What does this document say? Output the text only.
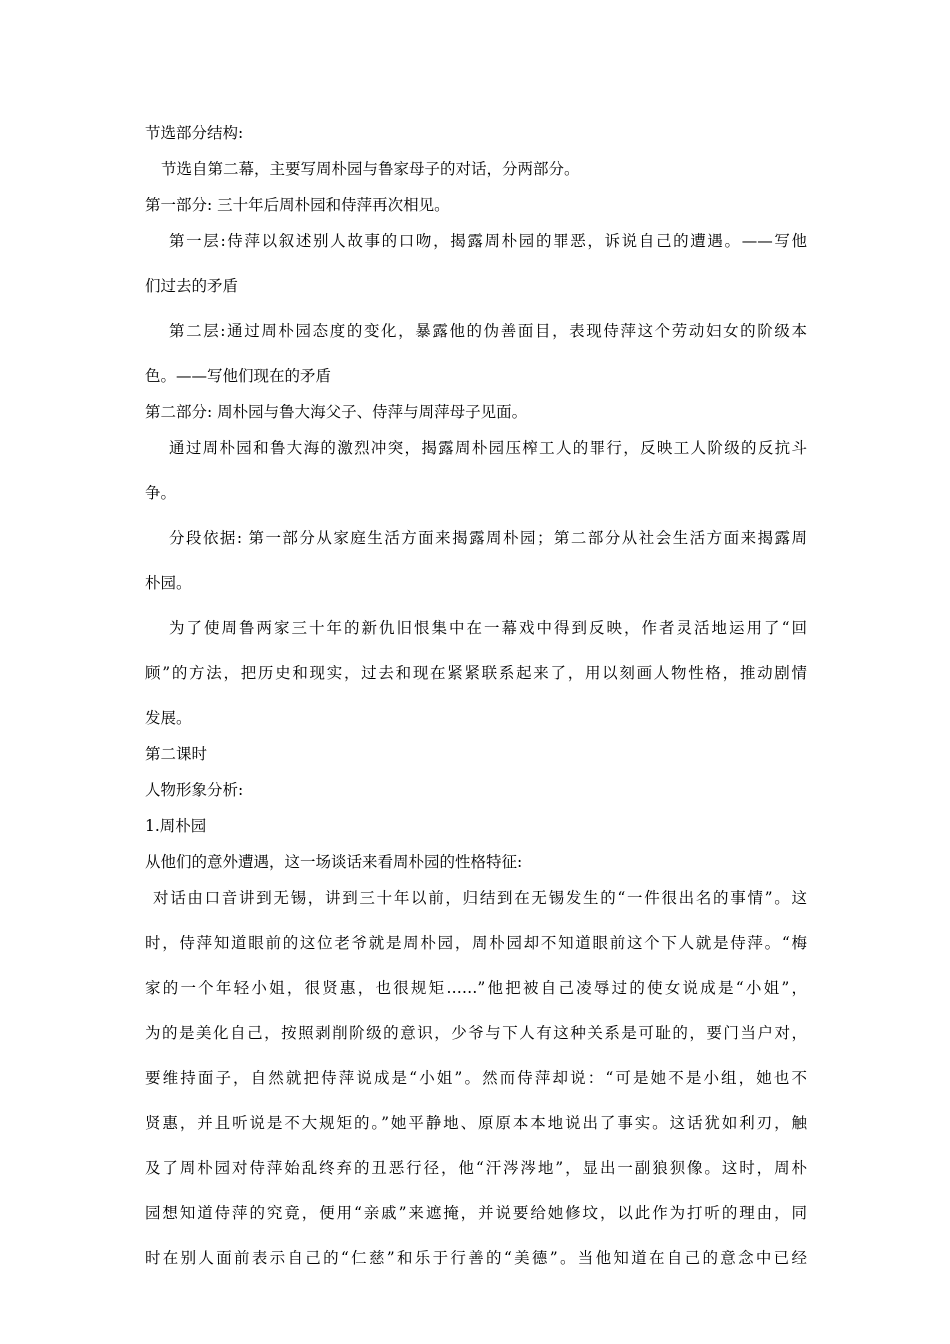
节选部分结构:

节选自第二幕，主要写周朴园与鲁家母子的对话，分两部分。

第一部分: 三十年后周朴园和侍萍再次相见。

第一层:侍萍以叙述别人故事的口吻，揭露周朴园的罪恶，诉说自己的遭遇。——写他

们过去的矛盾

第二层:通过周朴园态度的变化，暴露他的伪善面目，表现侍萍这个劳动妇女的阶级本

色。——写他们现在的矛盾

第二部分: 周朴园与鲁大海父子、侍萍与周萍母子见面。

通过周朴园和鲁大海的激烈冲突，揭露周朴园压榨工人的罪行，反映工人阶级的反抗斗

争。

分段依据: 第一部分从家庭生活方面来揭露周朴园；第二部分从社会生活方面来揭露周

朴园。

为了使周鲁两家三十年的新仇旧恨集中在一幕戏中得到反映，作者灵活地运用了“回

顾”的方法，把历史和现实，过去和现在紧紧联系起来了，用以刻画人物性格，推动剧情

发展。

第二课时

人物形象分析:

1.周朴园

从他们的意外遭遇，这一场谈话来看周朴园的性格特征:

对话由口音讲到无锡，讲到三十年以前，归结到在无锡发生的“一件很出名的事情”。这

时，侍萍知道眼前的这位老爷就是周朴园，周朴园却不知道眼前这个下人就是侍萍。“梅

家的一个年轻小姐，很贤惠，也很规矩……”他把被自己凌辱过的使女说成是“小姐”，

为的是美化自己，按照剥削阶级的意识，少爷与下人有这种关系是可耻的，要门当户对，

要维持面子，自然就把侍萍说成是“小姐”。然而侍萍却说：“可是她不是小组，她也不

贤惠，并且听说是不大规矩的。”她平静地、原原本本地说出了事实。这话犹如利刃，触

及了周朴园对侍萍始乱终弃的丑恶行径，他“汗涔涔地”，显出一副狼狈像。这时，周朴

园想知道侍萍的究竟，便用“亲戚”来遮掩，并说要给她修坟，以此作为打听的理由，同

时在别人面前表示自己的“仁慈”和乐于行善的“美德”。当他知道在自己的意念中已经
